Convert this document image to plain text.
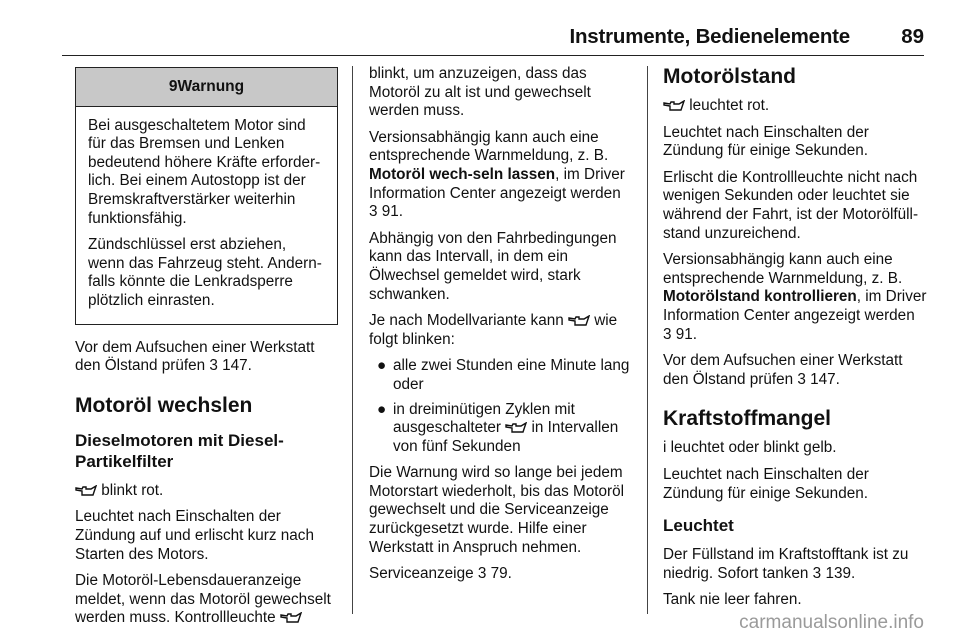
Instrumente, Bedienelemente 89
9Warnung

Bei ausgeschaltetem Motor sind für das Bremsen und Lenken bedeutend höhere Kräfte erforder-lich. Bei einem Autostopp ist der Bremskraftverstärker weiterhin funktionsfähig.

Zündschlüssel erst abziehen, wenn das Fahrzeug steht. Andern-falls könnte die Lenkradsperre plötzlich einrasten.

Vor dem Aufsuchen einer Werkstatt den Ölstand prüfen 3 147.

Motoröl wechslen
Dieselmotoren mit Diesel-Partikelfilter

blinkt rot.

Leuchtet nach Einschalten der Zündung auf und erlischt kurz nach Starten des Motors.

Die Motoröl-Lebensdaueranzeige meldet, wenn das Motoröl gewechselt werden muss. Kontrollleuchte

blinkt, um anzuzeigen, dass das Motoröl zu alt ist und gewechselt werden muss.

Versionsabhängig kann auch eine entsprechende Warnmeldung, z. B. Motoröl wech-seln lassen, im Driver Information Center angezeigt werden 3 91.

Abhängig von den Fahrbedingungen kann das Intervall, in dem ein Ölwechsel gemeldet wird, stark schwanken.

Je nach Modellvariante kann wie folgt blinken:

● alle zwei Stunden eine Minute lang oder
● in dreiminütigen Zyklen mit ausgeschalteter in Intervallen von fünf Sekunden

Die Warnung wird so lange bei jedem Motorstart wiederholt, bis das Motoröl gewechselt und die Serviceanzeige zurückgesetzt wurde. Hilfe einer Werkstatt in Anspruch nehmen.

Serviceanzeige 3 79.

Motorölstand

leuchtet rot.

Leuchtet nach Einschalten der Zündung für einige Sekunden.

Erlischt die Kontrollleuchte nicht nach wenigen Sekunden oder leuchtet sie während der Fahrt, ist der Motorölfüll-stand unzureichend.

Versionsabhängig kann auch eine entsprechende Warnmeldung, z. B. Motorölstand kontrollieren, im Driver Information Center angezeigt werden 3 91.

Vor dem Aufsuchen einer Werkstatt den Ölstand prüfen 3 147.

Kraftstoffmangel

i leuchtet oder blinkt gelb.

Leuchtet nach Einschalten der Zündung für einige Sekunden.

Leuchtet

Der Füllstand im Kraftstofftank ist zu niedrig. Sofort tanken 3 139.

Tank nie leer fahren.

carmanualsonline.info
